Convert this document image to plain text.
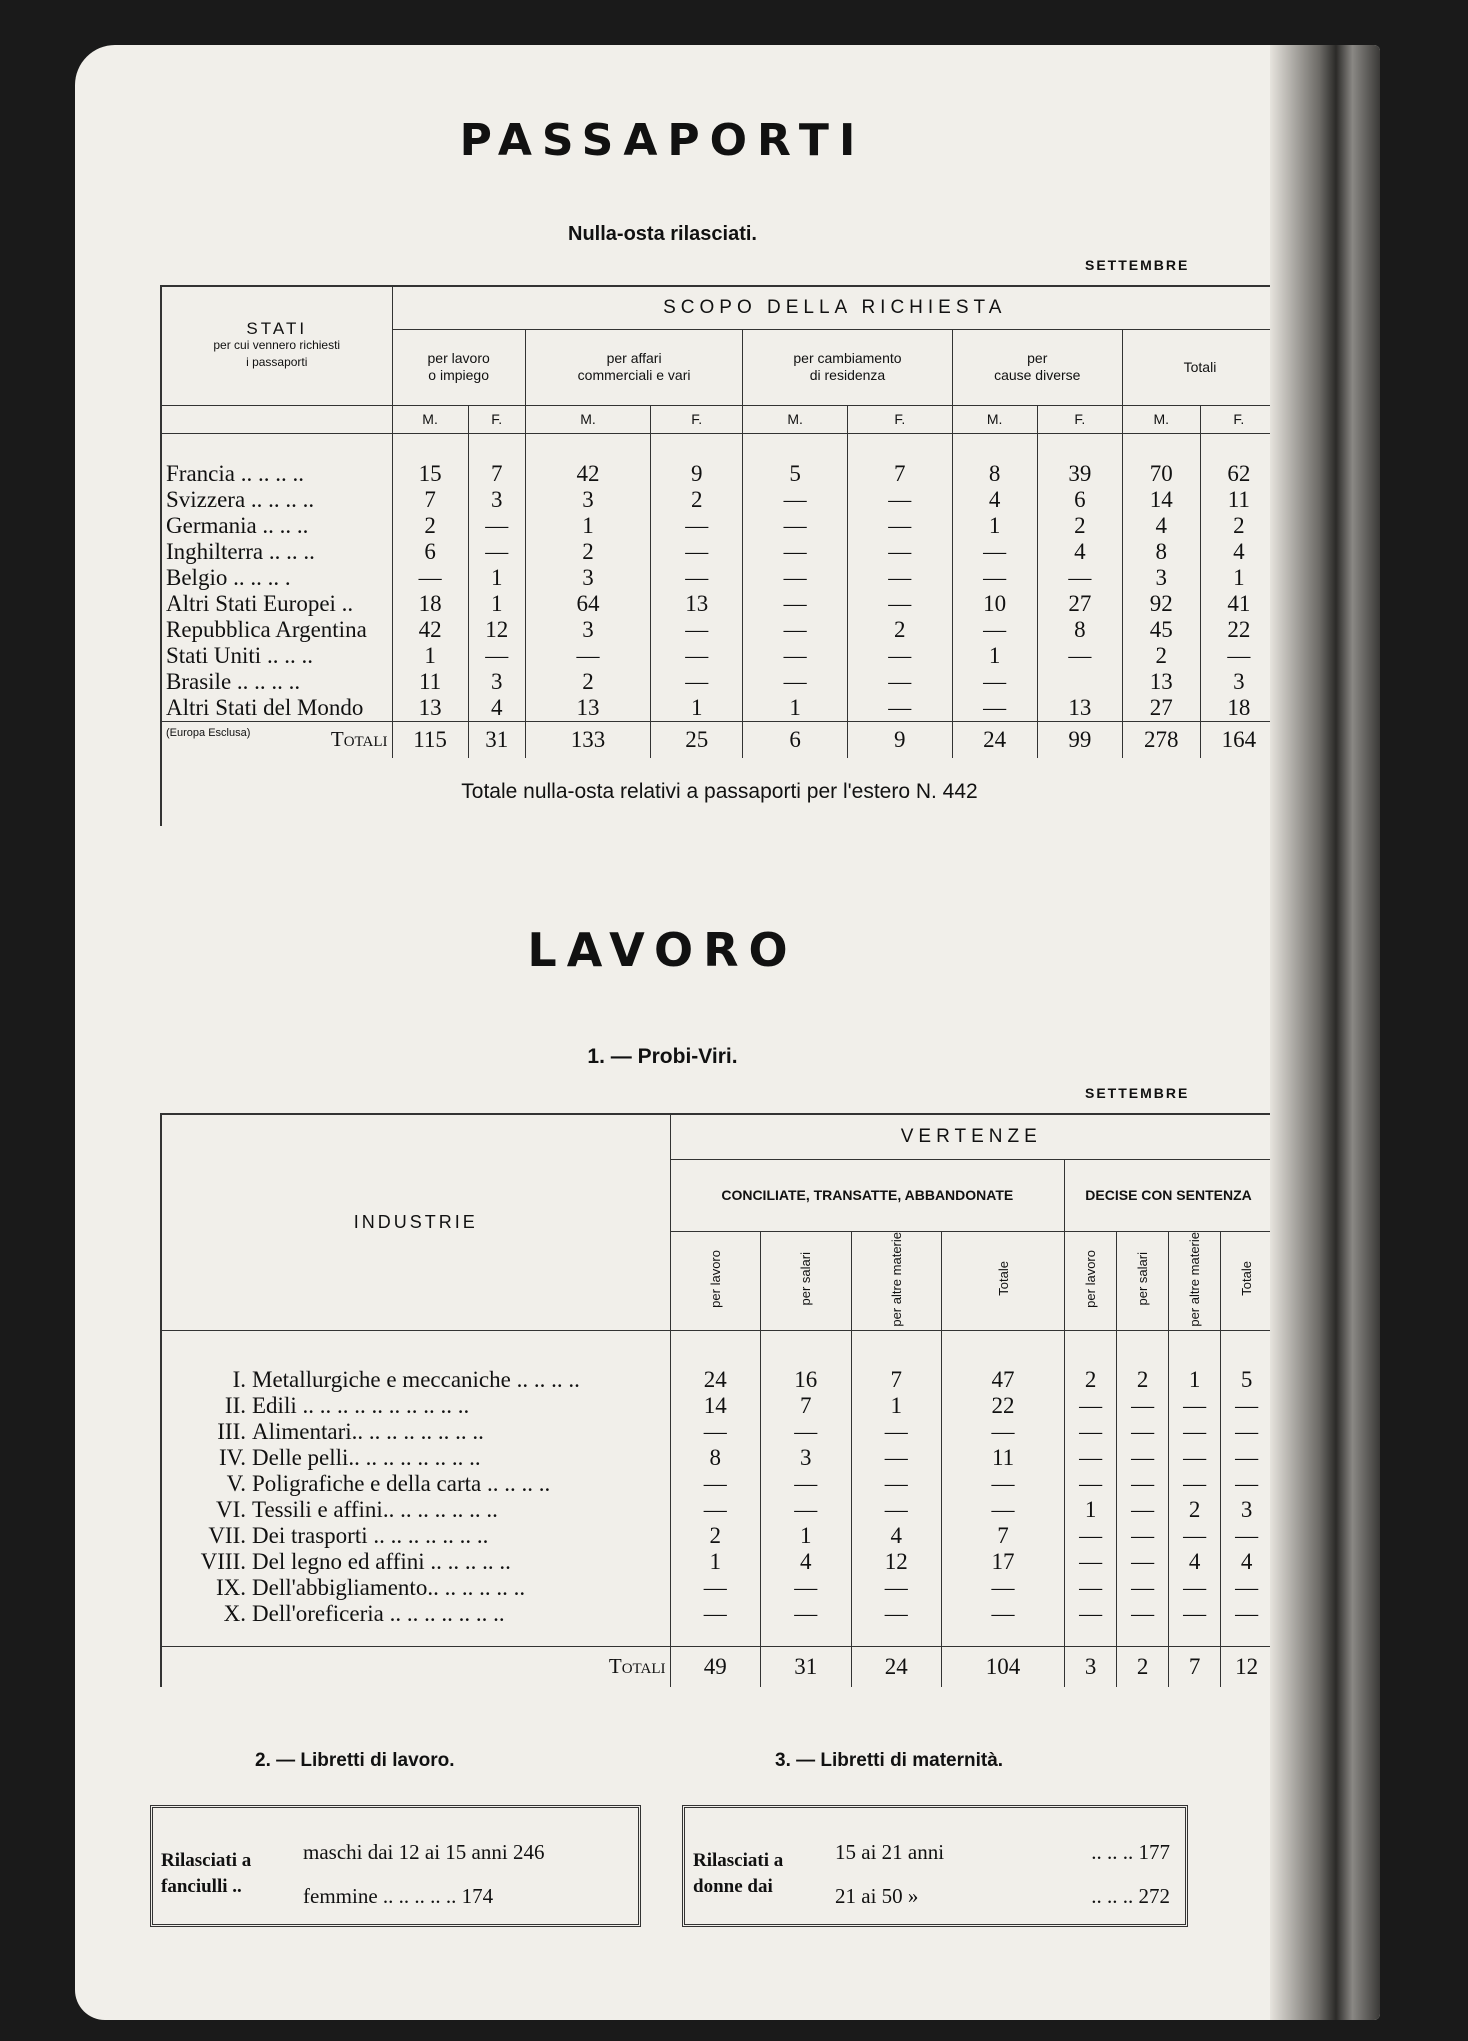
PASSAPORTI
Nulla-osta rilasciati.
SETTEMBRE
STATI
per cui vennero richiesti
i passaporti	SCOPO DELLA RICHIESTA									
	per lavoro
o impiego		per affari
commerciali e vari		per cambiamento
di residenza		per
cause diverse		Totali	

	M.	F.	M.	F.	M.	F.	M.	F.	M.	F.

Francia .. .. .. ..	15	7	42	9	5	7	8	39	70	62
Svizzera .. .. .. ..	7	3	3	2	—	—	4	6	14	11
Germania .. .. ..	2	—	1	—	—	—	1	2	4	2
Inghilterra .. .. ..	6	—	2	—	—	—	—	4	8	4
Belgio .. .. .. .	—	1	3	—	—	—	—	—	3	1
Altri Stati Europei ..	18	1	64	13	—	—	10	27	92	41
Repubblica Argentina	42	12	3	—	—	2	—	8	45	22
Stati Uniti .. .. ..	1	—	—	—	—	—	1	—	2	—
Brasile .. .. .. ..	11	3	2	—	—	—	—		13	3
Altri Stati del Mondo	13	4	13	1	1	—	—	13	27	18

(Europa Esclusa) Totali	115	31	133	25	6	9	24	99	278	164
Totale nulla-osta relativi a passaporti per l'estero N. 442										
LAVORO
1. — Probi-Viri.
SETTEMBRE
INDUSTRIE	VERTENZE							
	CONCILIATE, TRANSATTE, ABBANDONATE				DECISE CON SENTENZA			
	per lavoro	per salari	per altre materie	Totale	per lavoro	per salari	per altre materie	Totale

I. Metallurgiche e meccaniche .. .. .. ..	24	16	7	47	2	2	1	5
II. Edili .. .. .. .. .. .. .. .. .. ..	14	7	1	22	—	—	—	—
III. Alimentari.. .. .. .. .. .. .. ..	—	—	—	—	—	—	—	—
IV. Delle pelli.. .. .. .. .. .. .. ..	8	3	—	11	—	—	—	—
V. Poligrafiche e della carta .. .. .. ..	—	—	—	—	—	—	—	—
VI. Tessili e affini.. .. .. .. .. .. ..	—	—	—	—	1	—	2	3
VII. Dei trasporti .. .. .. .. .. .. ..	2	1	4	7	—	—	—	—
VIII. Del legno ed affini .. .. .. .. ..	1	4	12	17	—	—	4	4
IX. Dell'abbigliamento.. .. .. .. .. ..	—	—	—	—	—	—	—	—
X. Dell'oreficeria .. .. .. .. .. .. ..	—	—	—	—	—	—	—	—

Totali	49	31	24	104	3	2	7	12
2. — Libretti di lavoro.	3. — Libretti di maternità.
Rilasciati a
fanciulli ..
maschi dai 12 ai 15 anni 246
femmine .. .. .. .. .. 174
Rilasciati a
donne dai
15 ai 21 anni	.. .. .. 177
21 ai 50 »	.. .. .. 272
